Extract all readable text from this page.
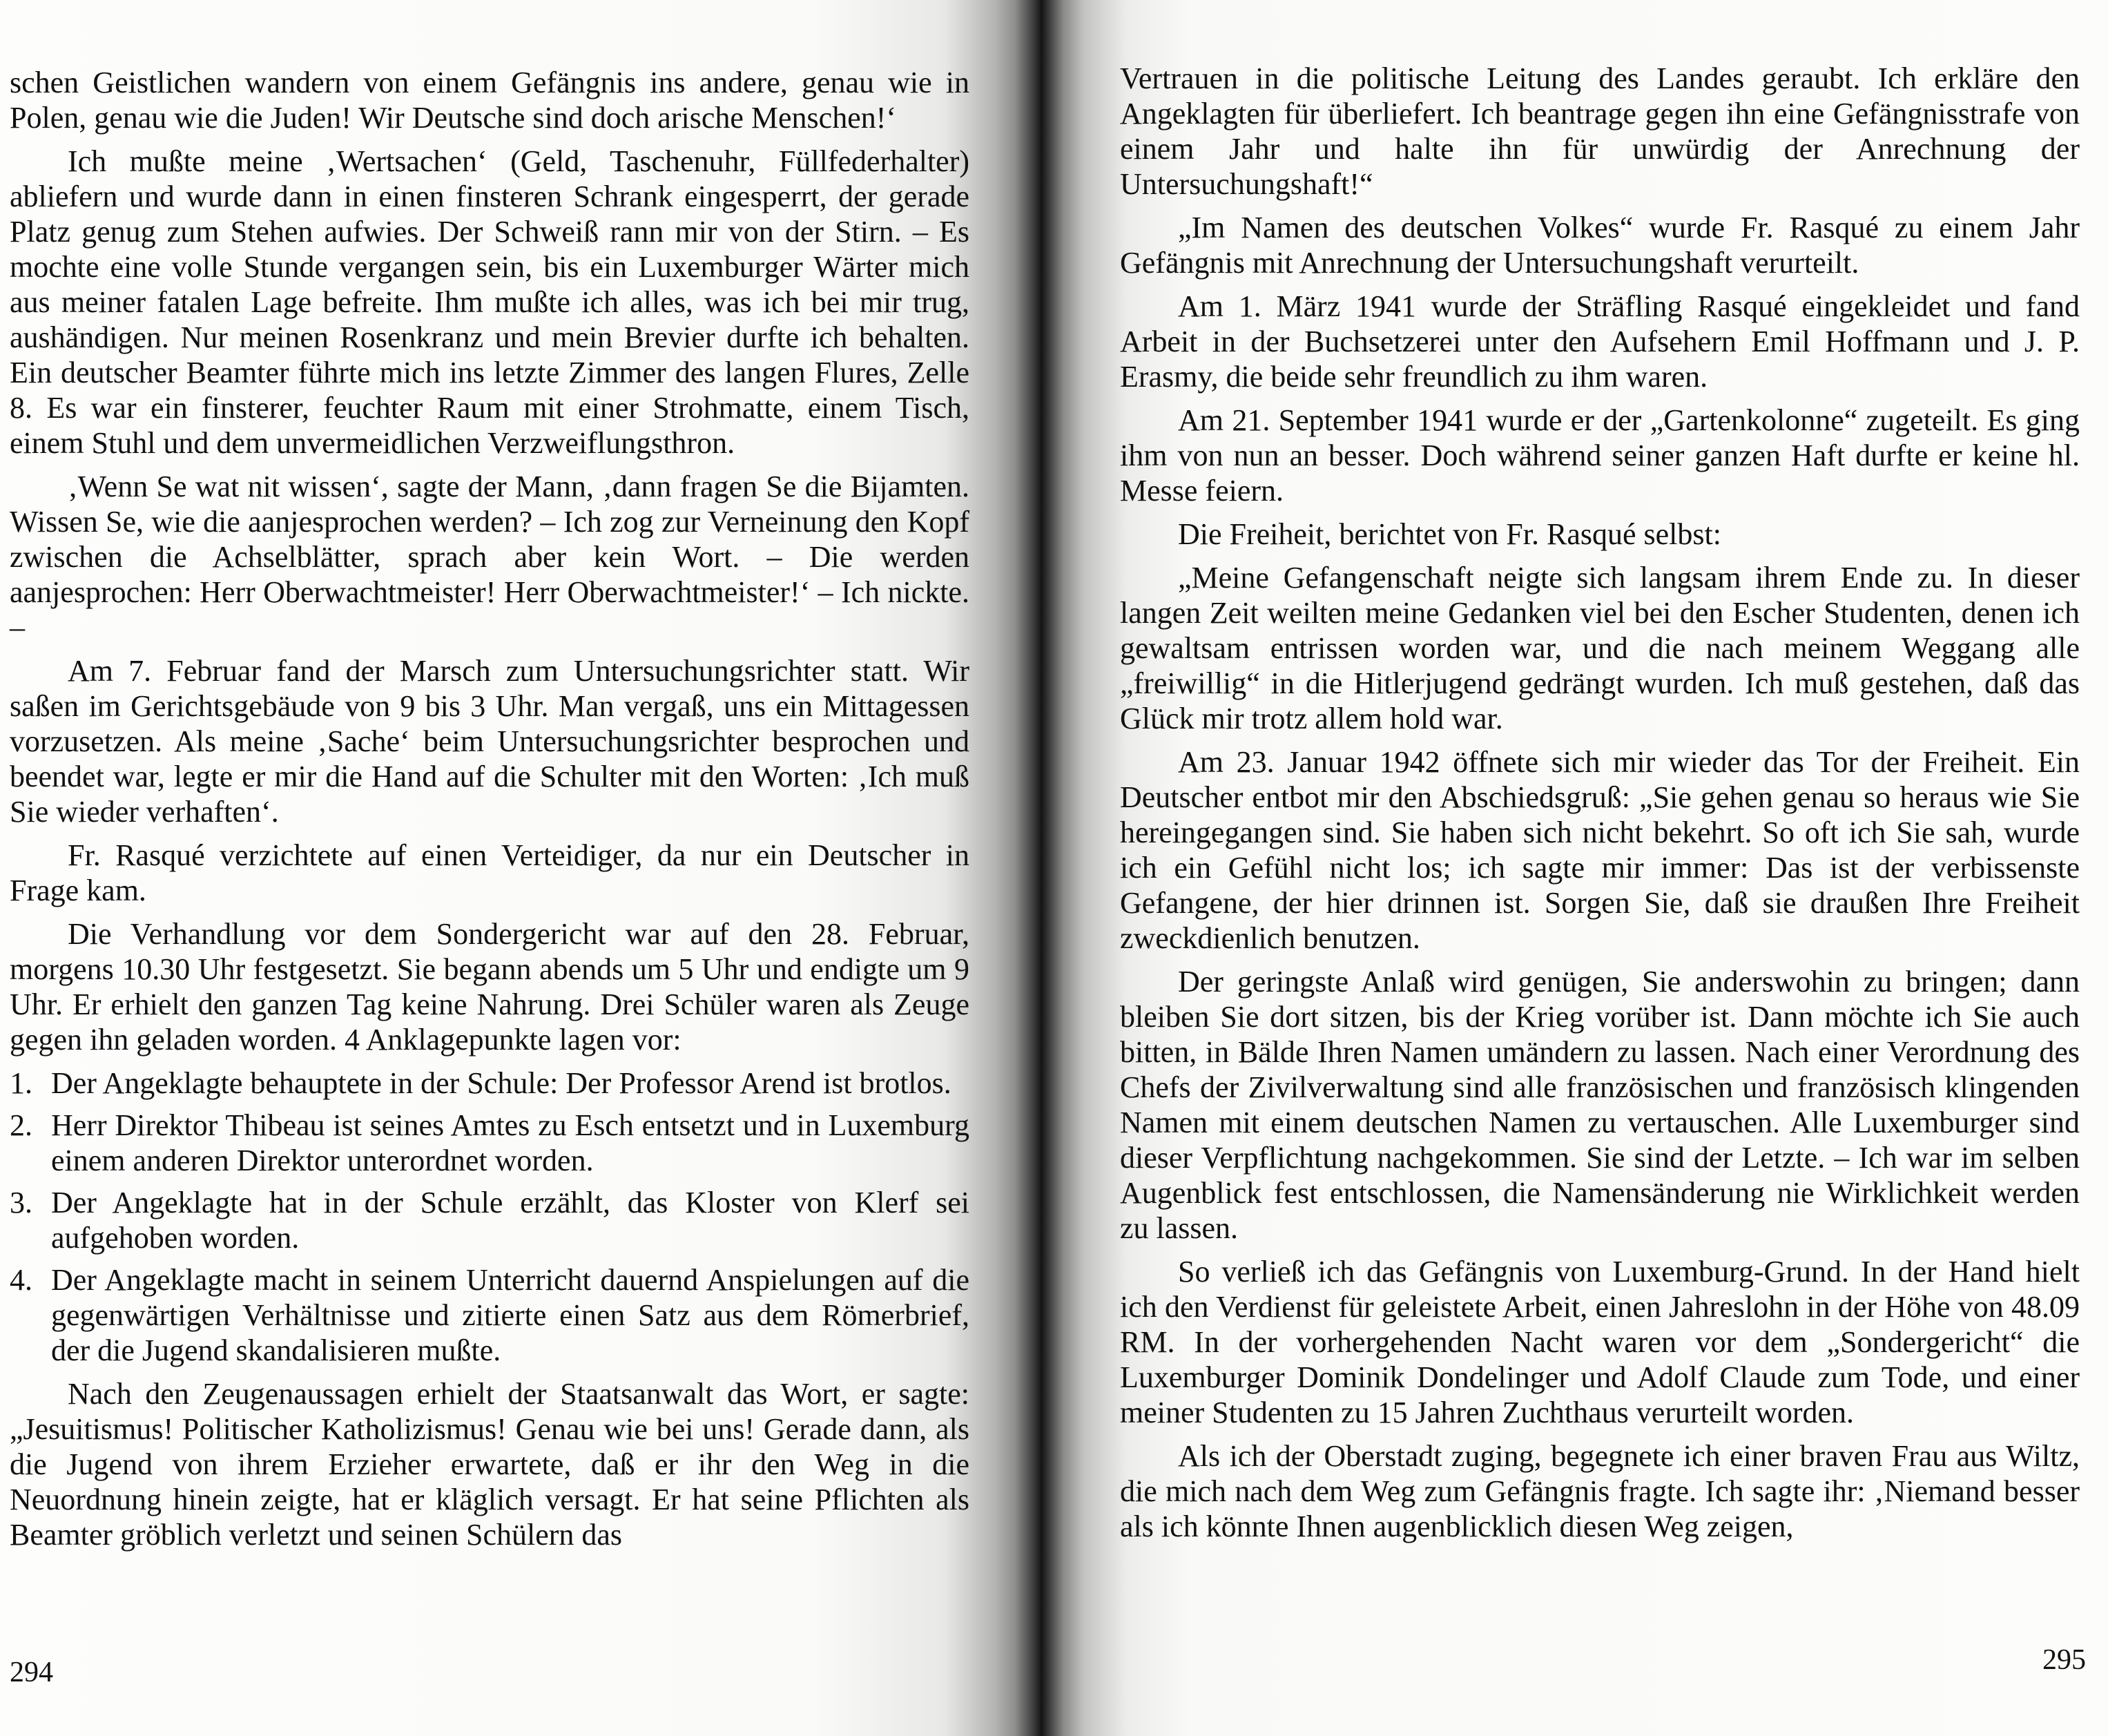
schen Geistlichen wandern von einem Gefängnis ins andere, genau wie in Polen, genau wie die Juden! Wir Deutsche sind doch arische Menschen!‘

Ich mußte meine ‚Wertsachen‘ (Geld, Taschenuhr, Füllfederhalter) abliefern und wurde dann in einen finsteren Schrank eingesperrt, der gerade Platz genug zum Stehen aufwies. Der Schweiß rann mir von der Stirn. – Es mochte eine volle Stunde vergangen sein, bis ein Luxemburger Wärter mich aus meiner fatalen Lage befreite. Ihm mußte ich alles, was ich bei mir trug, aushändigen. Nur meinen Rosenkranz und mein Brevier durfte ich behalten. Ein deutscher Beamter führte mich ins letzte Zimmer des langen Flures, Zelle 8. Es war ein finsterer, feuchter Raum mit einer Strohmatte, einem Tisch, einem Stuhl und dem unvermeidlichen Verzweiflungsthron.

‚Wenn Se wat nit wissen‘, sagte der Mann, ‚dann fragen Se die Bijamten. Wissen Se, wie die aanjesprochen werden? – Ich zog zur Verneinung den Kopf zwischen die Achselblätter, sprach aber kein Wort. – Die werden aanjesprochen: Herr Oberwachtmeister! Herr Oberwachtmeister!‘ – Ich nickte. –

Am 7. Februar fand der Marsch zum Untersuchungsrichter statt. Wir saßen im Gerichtsgebäude von 9 bis 3 Uhr. Man vergaß, uns ein Mittagessen vorzusetzen. Als meine ‚Sache‘ beim Untersuchungsrichter besprochen und beendet war, legte er mir die Hand auf die Schulter mit den Worten: ‚Ich muß Sie wieder verhaften‘.

Fr. Rasqué verzichtete auf einen Verteidiger, da nur ein Deutscher in Frage kam.

Die Verhandlung vor dem Sondergericht war auf den 28. Februar, morgens 10.30 Uhr festgesetzt. Sie begann abends um 5 Uhr und endigte um 9 Uhr. Er erhielt den ganzen Tag keine Nahrung. Drei Schüler waren als Zeuge gegen ihn geladen worden. 4 Anklagepunkte lagen vor:

1. Der Angeklagte behauptete in der Schule: Der Professor Arend ist brotlos.
2. Herr Direktor Thibeau ist seines Amtes zu Esch entsetzt und in Luxemburg einem anderen Direktor unterordnet worden.
3. Der Angeklagte hat in der Schule erzählt, das Kloster von Klerf sei aufgehoben worden.
4. Der Angeklagte macht in seinem Unterricht dauernd Anspielungen auf die gegenwärtigen Verhältnisse und zitierte einen Satz aus dem Römerbrief, der die Jugend skandalisieren mußte.

Nach den Zeugenaussagen erhielt der Staatsanwalt das Wort, er sagte: „Jesuitismus! Politischer Katholizismus! Genau wie bei uns! Gerade dann, als die Jugend von ihrem Erzieher erwartete, daß er ihr den Weg in die Neuordnung hinein zeigte, hat er kläglich versagt. Er hat seine Pflichten als Beamter gröblich verletzt und seinen Schülern das

294

Vertrauen in die politische Leitung des Landes geraubt. Ich erkläre den Angeklagten für überliefert. Ich beantrage gegen ihn eine Gefängnisstrafe von einem Jahr und halte ihn für unwürdig der Anrechnung der Untersuchungshaft!“

„Im Namen des deutschen Volkes“ wurde Fr. Rasqué zu einem Jahr Gefängnis mit Anrechnung der Untersuchungshaft verurteilt.

Am 1. März 1941 wurde der Sträfling Rasqué eingekleidet und fand Arbeit in der Buchsetzerei unter den Aufsehern Emil Hoffmann und J. P. Erasmy, die beide sehr freundlich zu ihm waren.

Am 21. September 1941 wurde er der „Gartenkolonne“ zugeteilt. Es ging ihm von nun an besser. Doch während seiner ganzen Haft durfte er keine hl. Messe feiern.

Die Freiheit, berichtet von Fr. Rasqué selbst:

„Meine Gefangenschaft neigte sich langsam ihrem Ende zu. In dieser langen Zeit weilten meine Gedanken viel bei den Escher Studenten, denen ich gewaltsam entrissen worden war, und die nach meinem Weggang alle „freiwillig“ in die Hitlerjugend gedrängt wurden. Ich muß gestehen, daß das Glück mir trotz allem hold war.

Am 23. Januar 1942 öffnete sich mir wieder das Tor der Freiheit. Ein Deutscher entbot mir den Abschiedsgruß: „Sie gehen genau so heraus wie Sie hereingegangen sind. Sie haben sich nicht bekehrt. So oft ich Sie sah, wurde ich ein Gefühl nicht los; ich sagte mir immer: Das ist der verbissenste Gefangene, der hier drinnen ist. Sorgen Sie, daß sie draußen Ihre Freiheit zweckdienlich benutzen.

Der geringste Anlaß wird genügen, Sie anderswohin zu bringen; dann bleiben Sie dort sitzen, bis der Krieg vorüber ist. Dann möchte ich Sie auch bitten, in Bälde Ihren Namen umändern zu lassen. Nach einer Verordnung des Chefs der Zivilverwaltung sind alle französischen und französisch klingenden Namen mit einem deutschen Namen zu vertauschen. Alle Luxemburger sind dieser Verpflichtung nachgekommen. Sie sind der Letzte. – Ich war im selben Augenblick fest entschlossen, die Namensänderung nie Wirklichkeit werden zu lassen.

So verließ ich das Gefängnis von Luxemburg-Grund. In der Hand hielt ich den Verdienst für geleistete Arbeit, einen Jahreslohn in der Höhe von 48.09 RM. In der vorhergehenden Nacht waren vor dem „Sondergericht“ die Luxemburger Dominik Dondelinger und Adolf Claude zum Tode, und einer meiner Studenten zu 15 Jahren Zuchthaus verurteilt worden.

Als ich der Oberstadt zuging, begegnete ich einer braven Frau aus Wiltz, die mich nach dem Weg zum Gefängnis fragte. Ich sagte ihr: ‚Niemand besser als ich könnte Ihnen augenblicklich diesen Weg zeigen,

295
